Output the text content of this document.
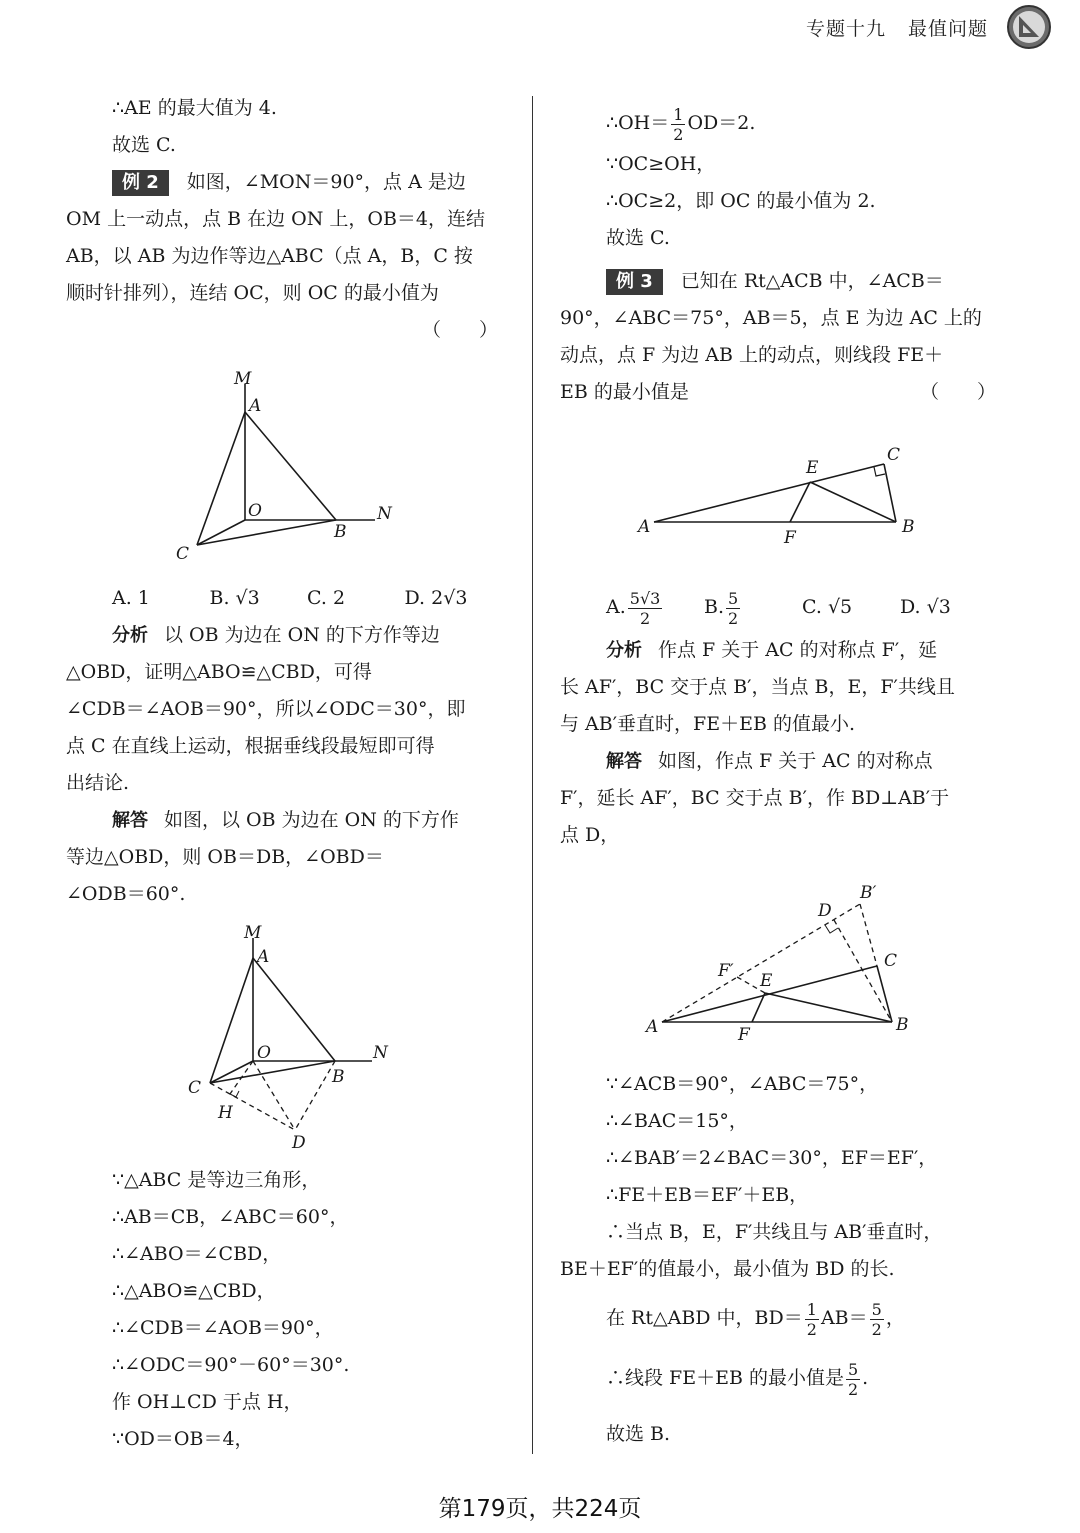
专题十九 最值问题

∴AE 的最大值为 4.

故选 C.

例 2 如图，∠MON＝90°，点 A 是边

OM 上一动点，点 B 在边 ON 上，OB＝4，连结

AB，以 AB 为边作等边△ABC（点 A，B，C 按

顺时针排列），连结 OC，则 OC 的最小值为

（　　）

M
A
O	N
B
C

A. 1	B. √3	C. 2	D. 2√3

分析 以 OB 为边在 ON 的下方作等边

△OBD，证明△ABO≌△CBD，可得

∠CDB＝∠AOB＝90°，所以∠ODC＝30°，即

点 C 在直线上运动，根据垂线段最短即可得

出结论.

解答 如图，以 OB 为边在 ON 的下方作

等边△OBD，则 OB＝DB，∠OBD＝

∠ODB＝60°.

M
A
O	N
B
C
H
D

∵△ABC 是等边三角形，

∴AB＝CB，∠ABC＝60°，

∴∠ABO＝∠CBD，

∴△ABO≌△CBD，

∴∠CDB＝∠AOB＝90°，

∴∠ODC＝90°－60°＝30°.

作 OH⊥CD 于点 H，

∵OD＝OB＝4，

∴OH＝ $\frac{1}{2} OD=2$.

∵OC≥OH，

∴OC≥2，即 OC 的最小值为 2.

故选 C.

例 3 已知在 Rt△ACB 中，∠ACB＝

90°，∠ABC＝75°，AB＝5，点 E 为边 AC 上的

动点，点 F 为边 AB 上的动点，则线段 FE＋

EB 的最小值是	（　　）

C
E
A
F
B

A. $\frac{5√3}{2} B$. $\frac{5}{2}$	C. √5	D. √3

分析 作点 F 关于 AC 的对称点 F′，延

长 AF′，BC 交于点 B′，当点 B，E，F′共线且

与 AB′垂直时，FE＋EB 的值最小.

解答 如图，作点 F 关于 AC 的对称点

F′，延长 AF′，BC 交于点 B′，作 BD⊥AB′于

点 D，

B′
D
C
F′ E
A	F	B

∵∠ACB＝90°，∠ABC＝75°，

∴∠BAC＝15°，

∴∠BAB′＝2∠BAC＝30°，EF＝EF′，

∴FE＋EB＝EF′＋EB，

∴当点 B，E，F′共线且与 AB′垂直时，

BE＋EF′的值最小，最小值为 BD 的长.

在 Rt△ABD 中，$BD= \frac{1}{2} AB= \frac{5}{2}$ ，

∴线段 FE＋EB 的最小值是 $\frac{5}{2}$ .

故选 B.

第179页，共224页
